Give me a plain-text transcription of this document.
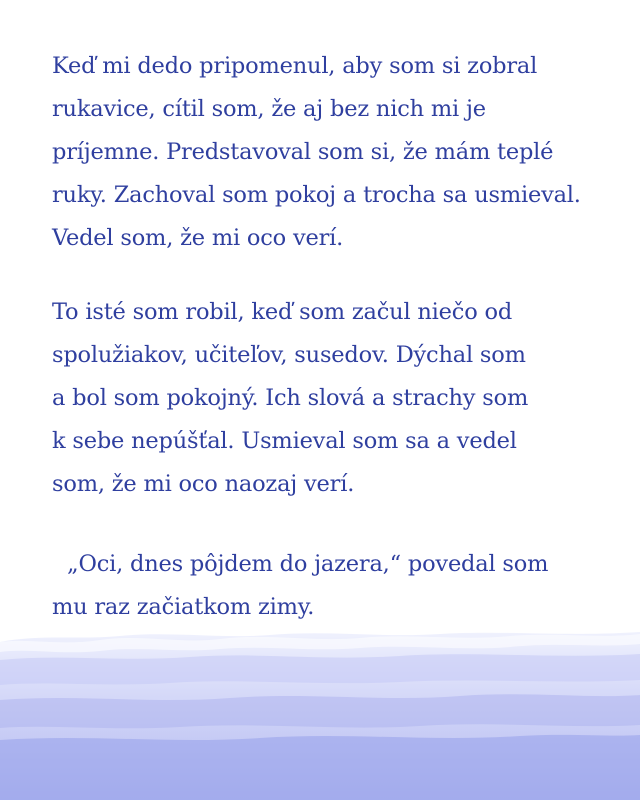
Keď mi dedo pripomenul, aby som si zobral
rukavice, cítil som, že aj bez nich mi je
príjemne. Predstavoval som si, že mám teplé
ruky. Zachoval som pokoj a trocha sa usmieval.
Vedel som, že mi oco verí.
To isté som robil, keď som začul niečo od
spolužiakov, učiteľov, susedov. Dýchal som
a bol som pokojný. Ich slová a strachy som
k sebe nepúšťal. Usmieval som sa a vedel
som, že mi oco naozaj verí.
„Oci, dnes pôjdem do jazera,“ povedal som
mu raz začiatkom zimy.
